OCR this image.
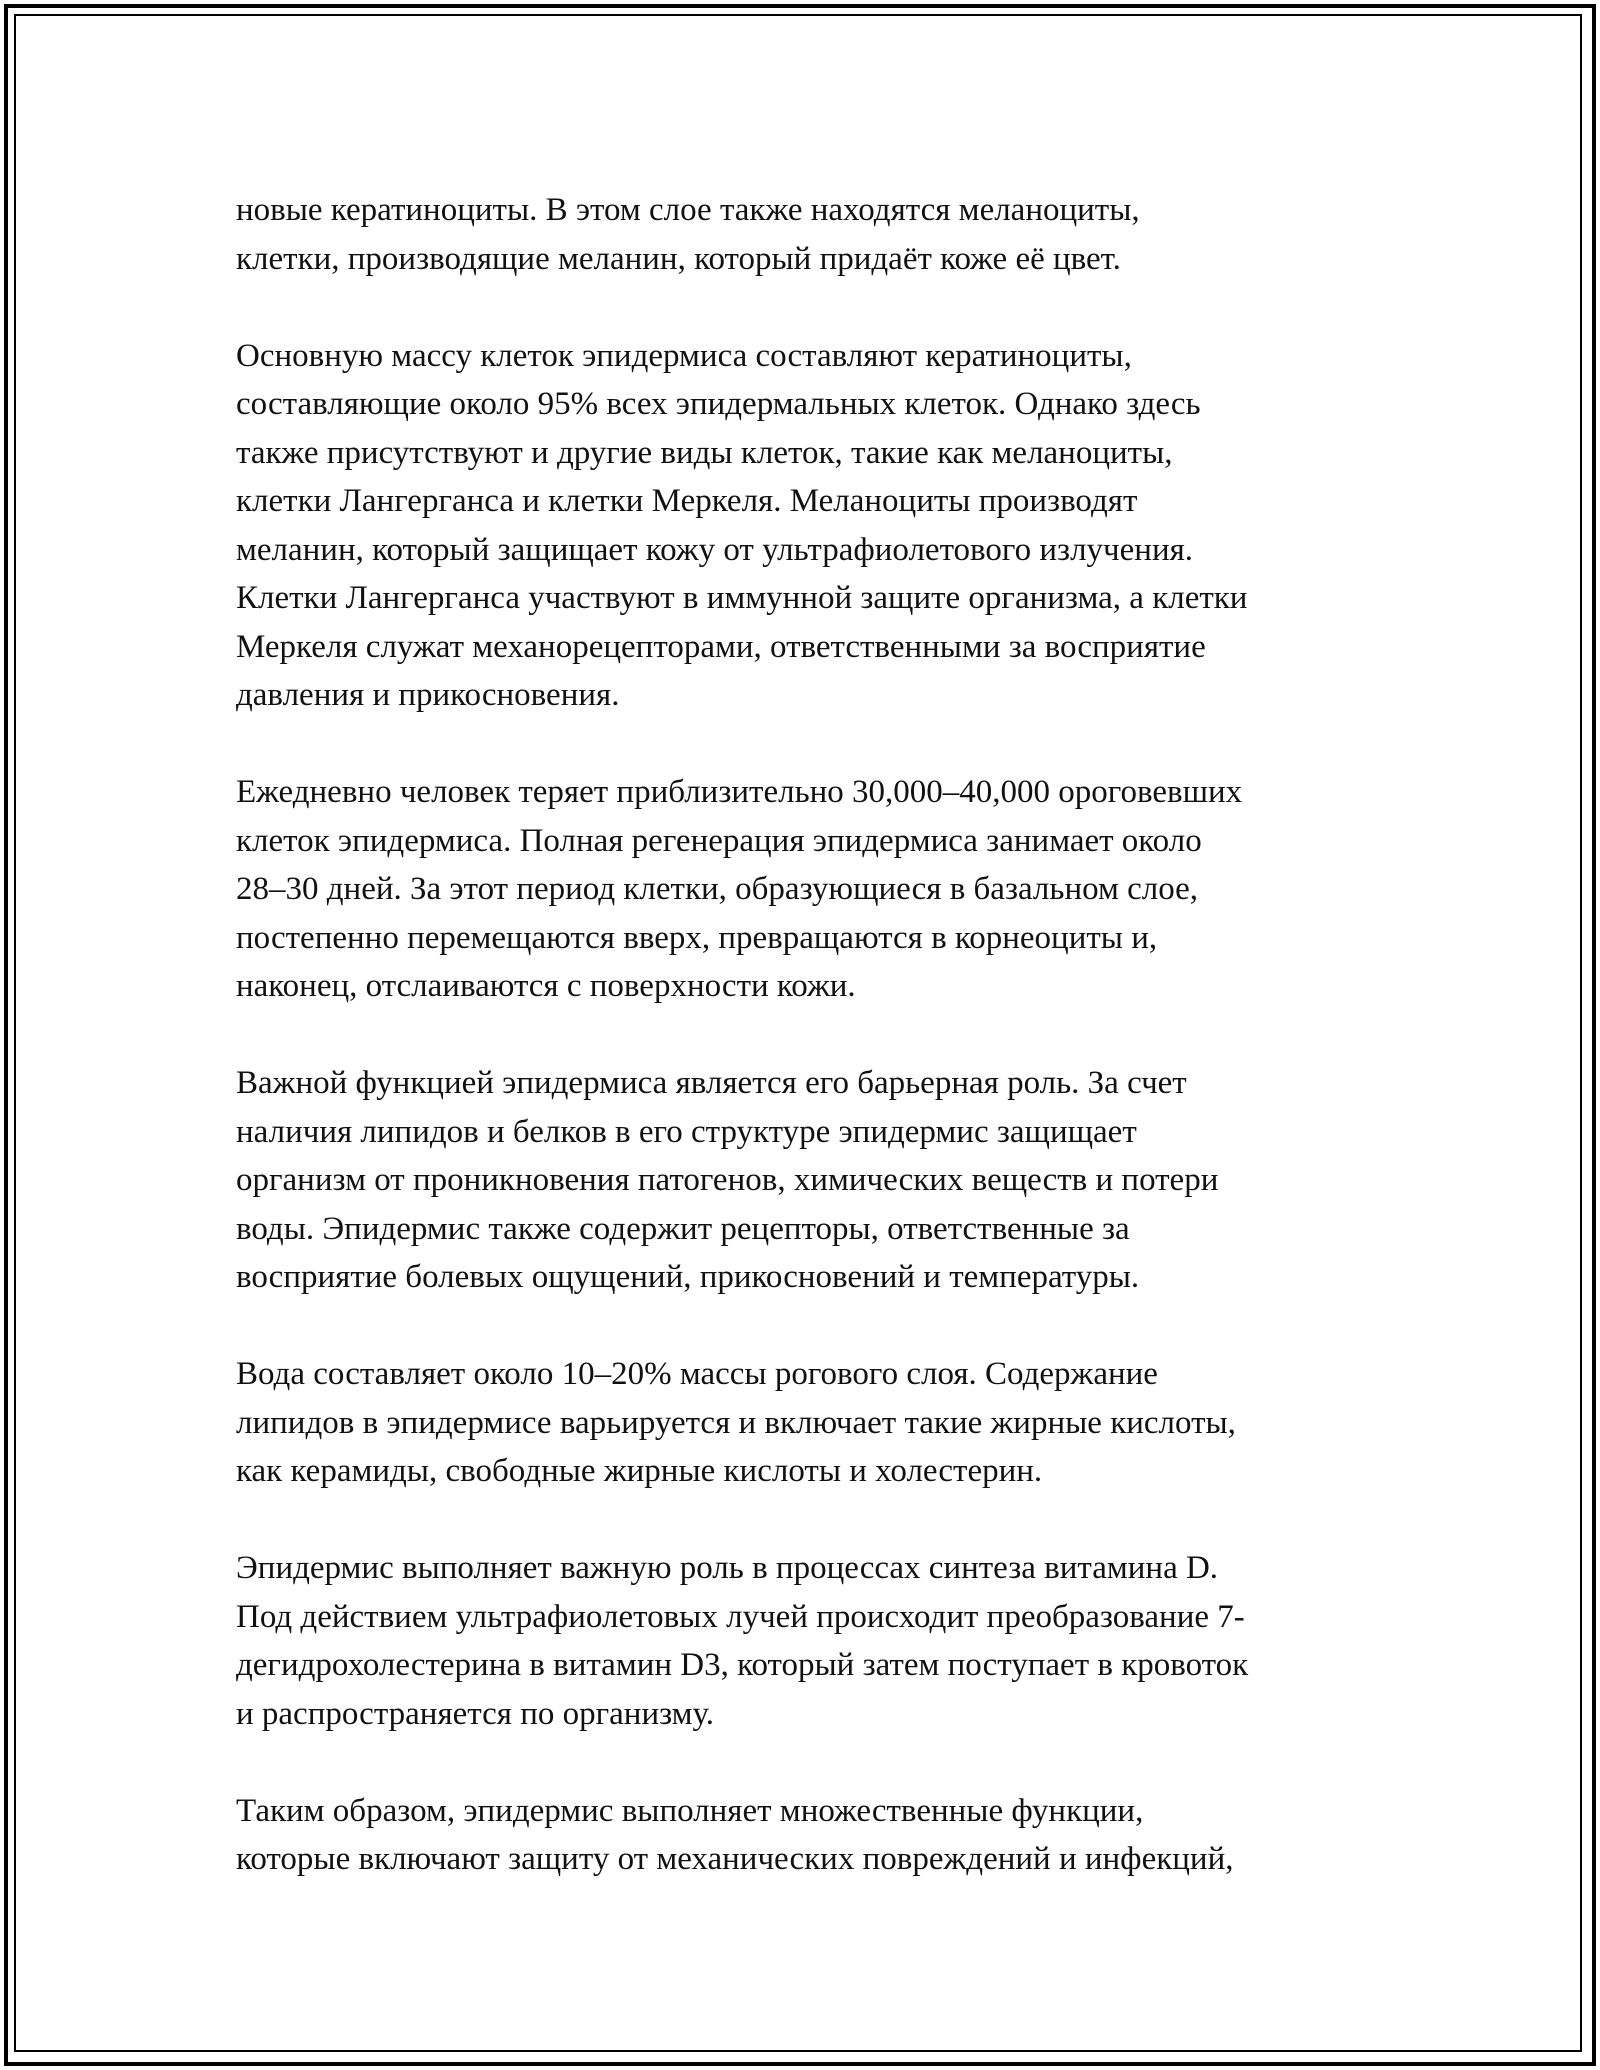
новые кератиноциты. В этом слое также находятся меланоциты,
клетки, производящие меланин, который придаёт коже её цвет.

Основную массу клеток эпидермиса составляют кератиноциты,
составляющие около 95% всех эпидермальных клеток. Однако здесь
также присутствуют и другие виды клеток, такие как меланоциты,
клетки Лангерганса и клетки Меркеля. Меланоциты производят
меланин, который защищает кожу от ультрафиолетового излучения.
Клетки Лангерганса участвуют в иммунной защите организма, а клетки
Меркеля служат механорецепторами, ответственными за восприятие
давления и прикосновения.

Ежедневно человек теряет приблизительно 30,000–40,000 ороговевших
клеток эпидермиса. Полная регенерация эпидермиса занимает около
28–30 дней. За этот период клетки, образующиеся в базальном слое,
постепенно перемещаются вверх, превращаются в корнеоциты и,
наконец, отслаиваются с поверхности кожи.

Важной функцией эпидермиса является его барьерная роль. За счет
наличия липидов и белков в его структуре эпидермис защищает
организм от проникновения патогенов, химических веществ и потери
воды. Эпидермис также содержит рецепторы, ответственные за
восприятие болевых ощущений, прикосновений и температуры.

Вода составляет около 10–20% массы рогового слоя. Содержание
липидов в эпидермисе варьируется и включает такие жирные кислоты,
как керамиды, свободные жирные кислоты и холестерин.

Эпидермис выполняет важную роль в процессах синтеза витамина D.
Под действием ультрафиолетовых лучей происходит преобразование 7-
дегидрохолестерина в витамин D3, который затем поступает в кровоток
и распространяется по организму.

Таким образом, эпидермис выполняет множественные функции,
которые включают защиту от механических повреждений и инфекций,
